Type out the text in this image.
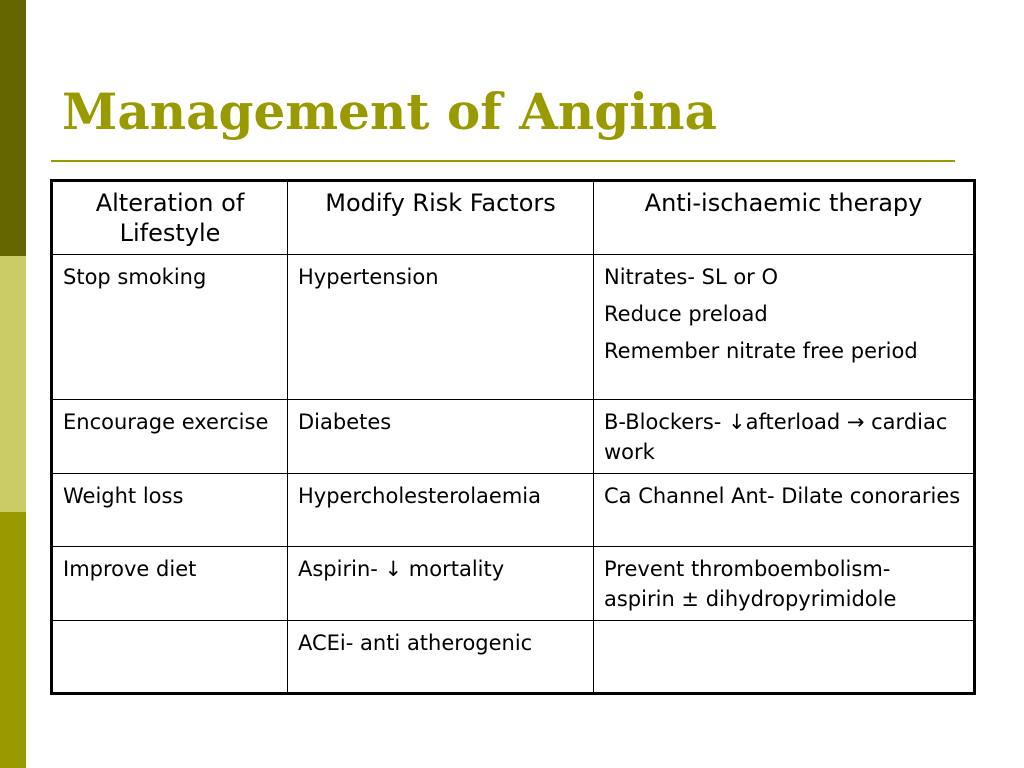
Management of Angina
Alteration of Lifestyle	Modify Risk Factors	Anti-ischaemic therapy
Stop smoking	Hypertension	Nitrates- SL or O
Reduce preload
Remember nitrate free period

Encourage exercise	Diabetes	B-Blockers- ↓afterload → cardiac work

Weight loss	Hypercholesterolaemia	Ca Channel Ant- Dilate conoraries

Improve diet	Aspirin- ↓ mortality	Prevent thromboembolism- aspirin ± dihydropyrimidole

	ACEi- anti atherogenic	
